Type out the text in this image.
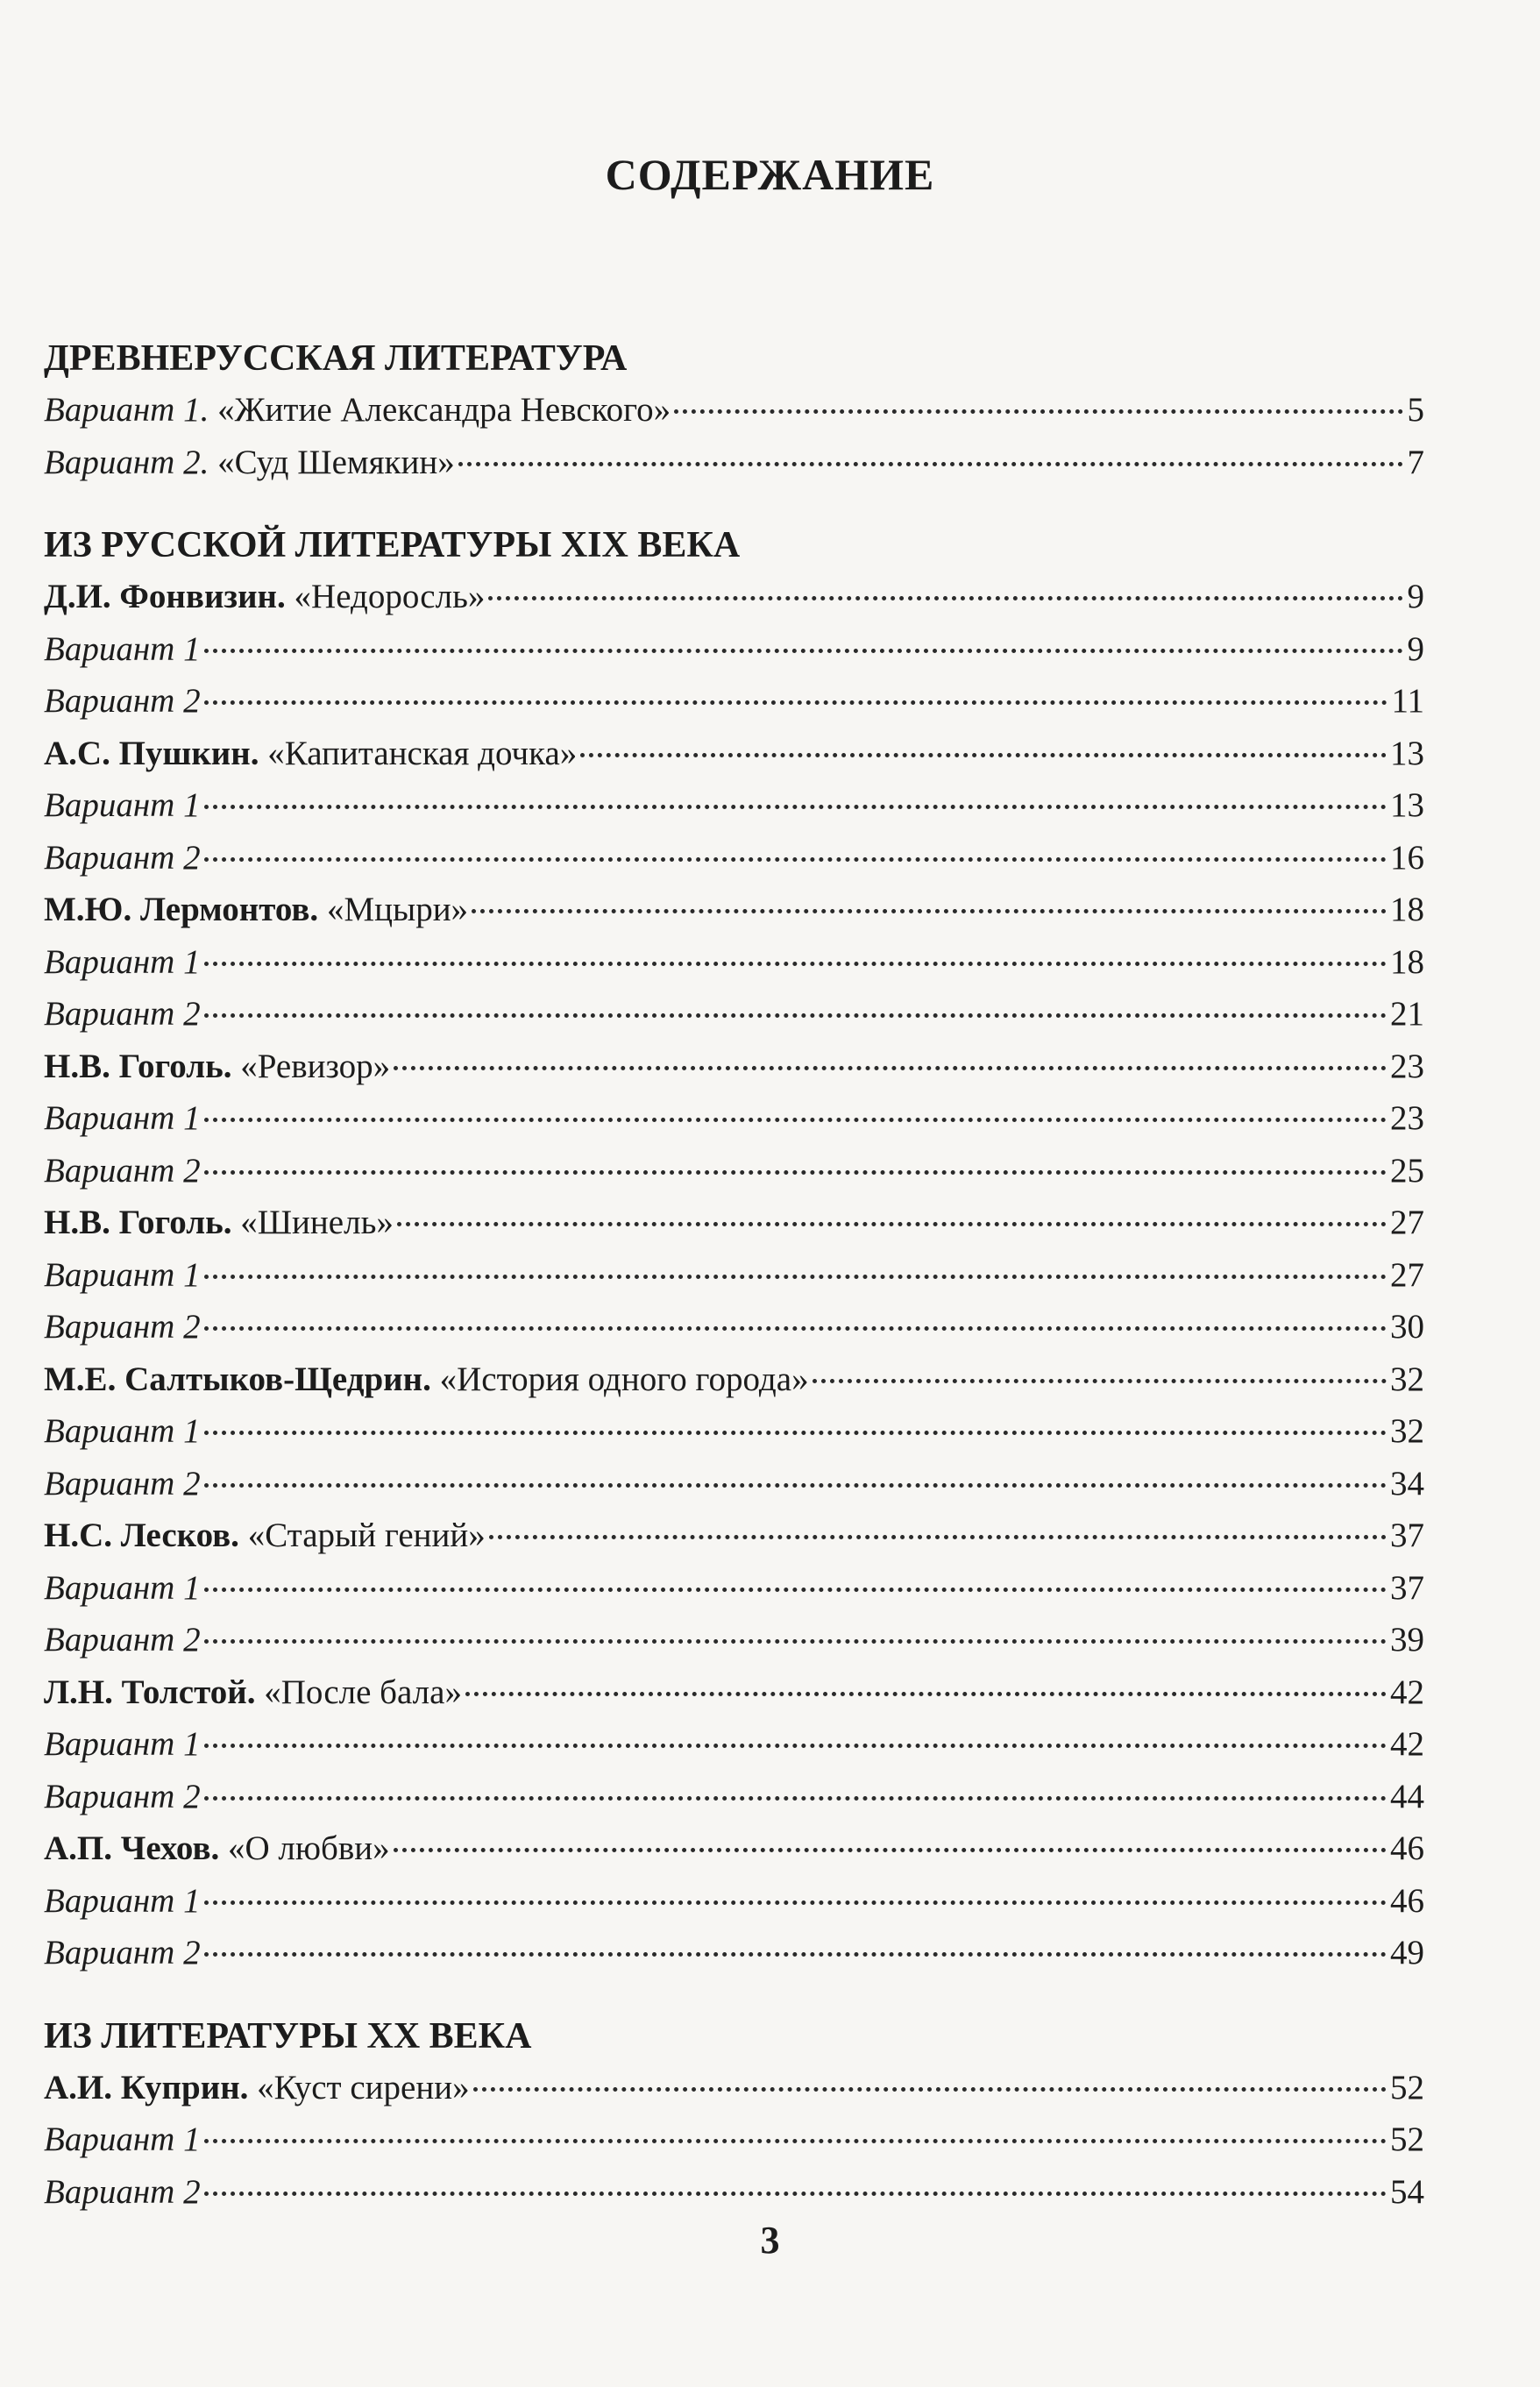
СОДЕРЖАНИЕ
ДРЕВНЕРУССКАЯ ЛИТЕРАТУРА
Вариант 1. «Житие Александра Невского»	5
Вариант 2. «Суд Шемякин»	7
ИЗ РУССКОЙ ЛИТЕРАТУРЫ XIX ВЕКА
Д.И. Фонвизин. «Недоросль»	9
Вариант 1	9
Вариант 2	11
А.С. Пушкин. «Капитанская дочка»	13
Вариант 1	13
Вариант 2	16
М.Ю. Лермонтов. «Мцыри»	18
Вариант 1	18
Вариант 2	21
Н.В. Гоголь. «Ревизор»	23
Вариант 1	23
Вариант 2	25
Н.В. Гоголь. «Шинель»	27
Вариант 1	27
Вариант 2	30
М.Е. Салтыков-Щедрин. «История одного города»	32
Вариант 1	32
Вариант 2	34
Н.С. Лесков. «Старый гений»	37
Вариант 1	37
Вариант 2	39
Л.Н. Толстой. «После бала»	42
Вариант 1	42
Вариант 2	44
А.П. Чехов. «О любви»	46
Вариант 1	46
Вариант 2	49
ИЗ ЛИТЕРАТУРЫ XX ВЕКА
А.И. Куприн. «Куст сирени»	52
Вариант 1	52
Вариант 2	54
3
